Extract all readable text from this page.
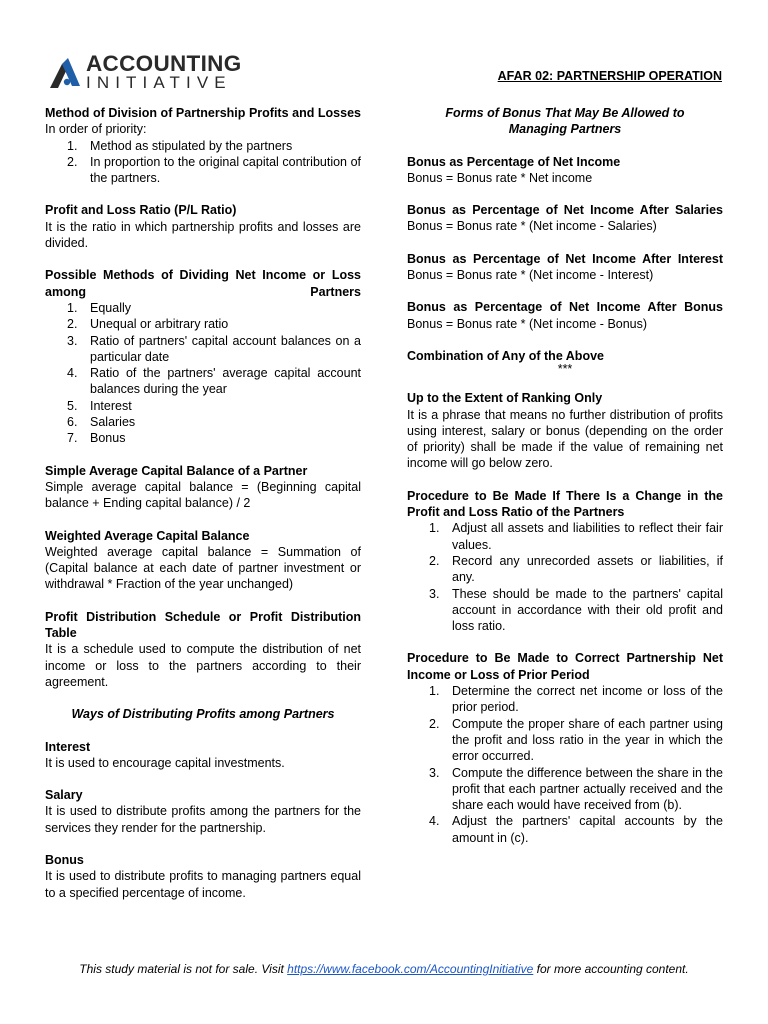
ACCOUNTING
INITIATIVE	AFAR 02: PARTNERSHIP OPERATION
Method of Division of Partnership Profits and Losses
In order of priority:
1.	Method as stipulated by the partners
2.	In proportion to the original capital contribution of the partners.
Profit and Loss Ratio (P/L Ratio)
It is the ratio in which partnership profits and losses are divided.
Possible Methods of Dividing Net Income or Loss among Partners
1.	Equally
2.	Unequal or arbitrary ratio
3.	Ratio of partners' capital account balances on a particular date
4.	Ratio of the partners' average capital account balances during the year
5.	Interest
6.	Salaries
7.	Bonus
Simple Average Capital Balance of a Partner
Simple average capital balance = (Beginning capital balance + Ending capital balance) / 2
Weighted Average Capital Balance
Weighted average capital balance = Summation of (Capital balance at each date of partner investment or withdrawal * Fraction of the year unchanged)
Profit Distribution Schedule or Profit Distribution Table
It is a schedule used to compute the distribution of net income or loss to the partners according to their agreement.
Ways of Distributing Profits among Partners
Interest
It is used to encourage capital investments.
Salary
It is used to distribute profits among the partners for the services they render for the partnership.
Bonus
It is used to distribute profits to managing partners equal to a specified percentage of income.
Forms of Bonus That May Be Allowed to Managing Partners
Bonus as Percentage of Net Income
Bonus = Bonus rate * Net income
Bonus as Percentage of Net Income After Salaries
Bonus = Bonus rate * (Net income - Salaries)
Bonus as Percentage of Net Income After Interest
Bonus = Bonus rate * (Net income - Interest)
Bonus as Percentage of Net Income After Bonus
Bonus = Bonus rate * (Net income - Bonus)
Combination of Any of the Above
***
Up to the Extent of Ranking Only
It is a phrase that means no further distribution of profits using interest, salary or bonus (depending on the order of priority) shall be made if the value of remaining net income will go below zero.
Procedure to Be Made If There Is a Change in the Profit and Loss Ratio of the Partners
1.	Adjust all assets and liabilities to reflect their fair values.
2.	Record any unrecorded assets or liabilities, if any.
3.	These should be made to the partners' capital account in accordance with their old profit and loss ratio.
Procedure to Be Made to Correct Partnership Net Income or Loss of Prior Period
1.	Determine the correct net income or loss of the prior period.
2.	Compute the proper share of each partner using the profit and loss ratio in the year in which the error occurred.
3.	Compute the difference between the share in the profit that each partner actually received and the share each would have received from (b).
4.	Adjust the partners' capital accounts by the amount in (c).
This study material is not for sale. Visit https://www.facebook.com/AccountingInitiative for more accounting content.
